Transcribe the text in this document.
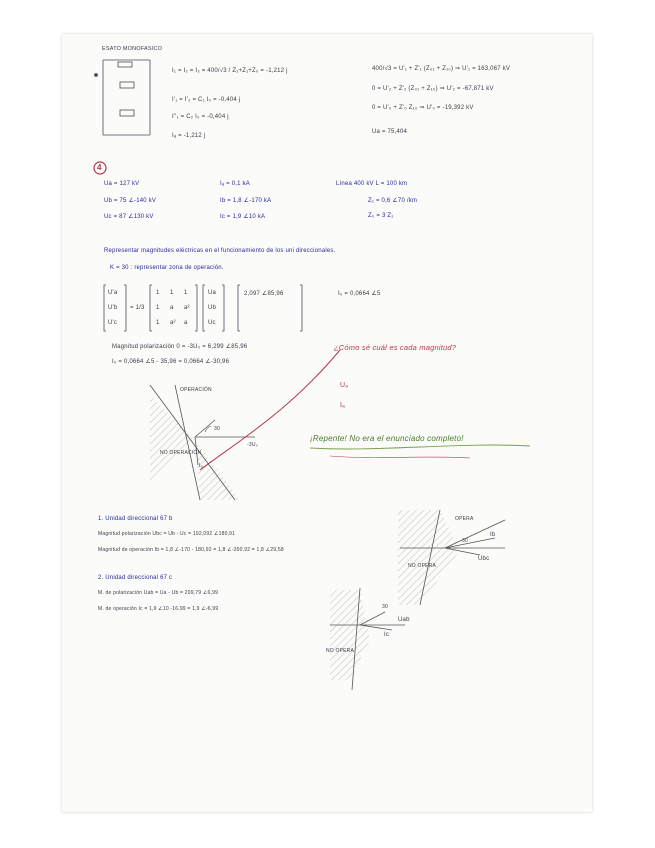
ESATO MONOFASICO
I₁ = I₂ = I₃ = 400/√3 / Z₁+Z₁+Z₀ = -1,212 j
I'₁ = I'₂ = C₁ I₀ = -0,404 j
I''₁ = C₂ I₀ = -0,404 j
Iₐ = -1,212 j
400/√3 = U'₁ + Z'₁ (Z₀₁ + Z₁₀) ⇒ U'₁ = 163,067 kV
0 = U'₂ + Z'₂ (Z₀₁ + Z₁₀) ⇒ U'₂ = -67,871 kV
0 = U'₀ + Z'₀ Z₁₀ ⇒ U'₀ = -19,392 kV
Ua = 75,404
4
Ua = 127 kV	Iₐ = 0,1 kA	Línea 400 kV L = 100 km
Ub = 75 ∠-140 kV	Ib = 1,8 ∠-170 kA	Z₁ = 0,6 ∠70 /km
Uc = 87 ∠130 kV	Ic = 1,9 ∠10 kA	Z₀ = 3 Z₁
Representar magnitudes eléctricas en el funcionamiento de los uni direccionales.
K = 30 : representar zona de operación.
U'a
U'b
U'c
= 1/3
1 1 1
1 a a²
1 a² a
Ua
Ub
Uc
2,097 ∠85,96	I₀ = 0,0664 ∠5
Magnitud polarización 0 = -3U₀ = 6,299 ∠85,96
I₀ = 0,0664 ∠5 - 35,96 = 0,0664 ∠-30,96
¿Cómo sé cuál es cada magnitud?
Uₐ
Iₐ
¡Repente! No era el enunciado completo!
OPERACIÓN
NO OPERACIÓN
30
-3U₀
Iₐ
1. Unidad direccional 67 b
Magnitud polarización Ubc = Ub - Uc = 192,092 ∠180,91
Magnitud de operación Ib = 1,8 ∠-170 - 180,92 = 1,8 ∠-350,92 = 1,8 ∠29,58
OPERA
NO OPERA
30
Ib
Ubc
2. Unidad direccional 67 c
M. de polarización Uab = Ua - Ub = 209,79 ∠6,99
M. de operación Ic = 1,9 ∠10 -16,99 = 1,9 ∠-6,99
NO OPERA
30
Uab
Ic
